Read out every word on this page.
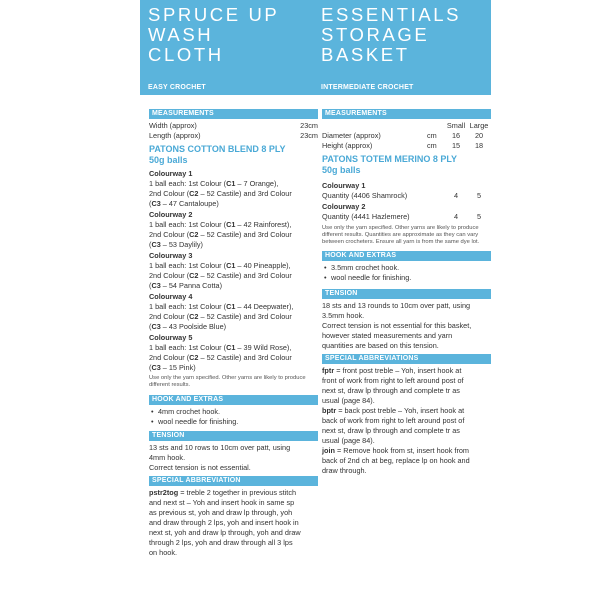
SPRUCE UP
WASH
CLOTH
EASY CROCHET
MEASUREMENTS
Width (approx)	23cm
Length (approx)	23cm
PATONS COTTON BLEND 8 PLY
50g balls
Colourway 1
1 ball each: 1st Colour (C1 – 7 Orange),
2nd Colour (C2 – 52 Castile) and 3rd Colour
(C3 – 47 Cantaloupe)
Colourway 2
1 ball each: 1st Colour (C1 – 42 Rainforest),
2nd Colour (C2 – 52 Castile) and 3rd Colour
(C3 – 53 Daylily)
Colourway 3
1 ball each: 1st Colour (C1 – 40 Pineapple),
2nd Colour (C2 – 52 Castile) and 3rd Colour
(C3 – 54 Panna Cotta)
Colourway 4
1 ball each: 1st Colour (C1 – 44 Deepwater),
2nd Colour (C2 – 52 Castile) and 3rd Colour
(C3 – 43 Poolside Blue)
Colourway 5
1 ball each: 1st Colour (C1 – 39 Wild Rose),
2nd Colour (C2 – 52 Castile) and 3rd Colour
(C3 – 15 Pink)
Use only the yarn specified. Other yarns are likely to produce
different results.
HOOK AND EXTRAS
• 4mm crochet hook.
• wool needle for finishing.
TENSION
13 sts and 10 rows to 10cm over patt, using
4mm hook.
Correct tension is not essential.
SPECIAL ABBREVIATION
pstr2tog = treble 2 together in previous stitch
and next st – Yoh and insert hook in same sp
as previous st, yoh and draw lp through, yoh
and draw through 2 lps, yoh and insert hook in
next st, yoh and draw lp through, yoh and draw
through 2 lps, yoh and draw through all 3 lps
on hook.
ESSENTIALS
STORAGE
BASKET
INTERMEDIATE CROCHET
MEASUREMENTS
Small Large
Diameter (approx)	cm	16	20
Height (approx)	cm	15	18
PATONS TOTEM MERINO 8 PLY
50g balls
Colourway 1
Quantity (4406 Shamrock)	4	5
Colourway 2
Quantity (4441 Hazlemere)	4	5
Use only the yarn specified. Other yarns are likely to produce
different results. Quantities are approximate as they can vary
between crocheters. Ensure all yarn is from the same dye lot.
HOOK AND EXTRAS
• 3.5mm crochet hook.
• wool needle for finishing.
TENSION
18 sts and 13 rounds to 10cm over patt, using
3.5mm hook.
Correct tension is not essential for this basket,
however stated measurements and yarn
quantities are based on this tension.
SPECIAL ABBREVIATIONS
fptr = front post treble – Yoh, insert hook at
front of work from right to left around post of
next st, draw lp through and complete tr as
usual (page 84).
bptr = back post treble – Yoh, insert hook at
back of work from right to left around post of
next st, draw lp through and complete tr as
usual (page 84).
join = Remove hook from st, insert hook from
back of 2nd ch at beg, replace lp on hook and
draw through.
